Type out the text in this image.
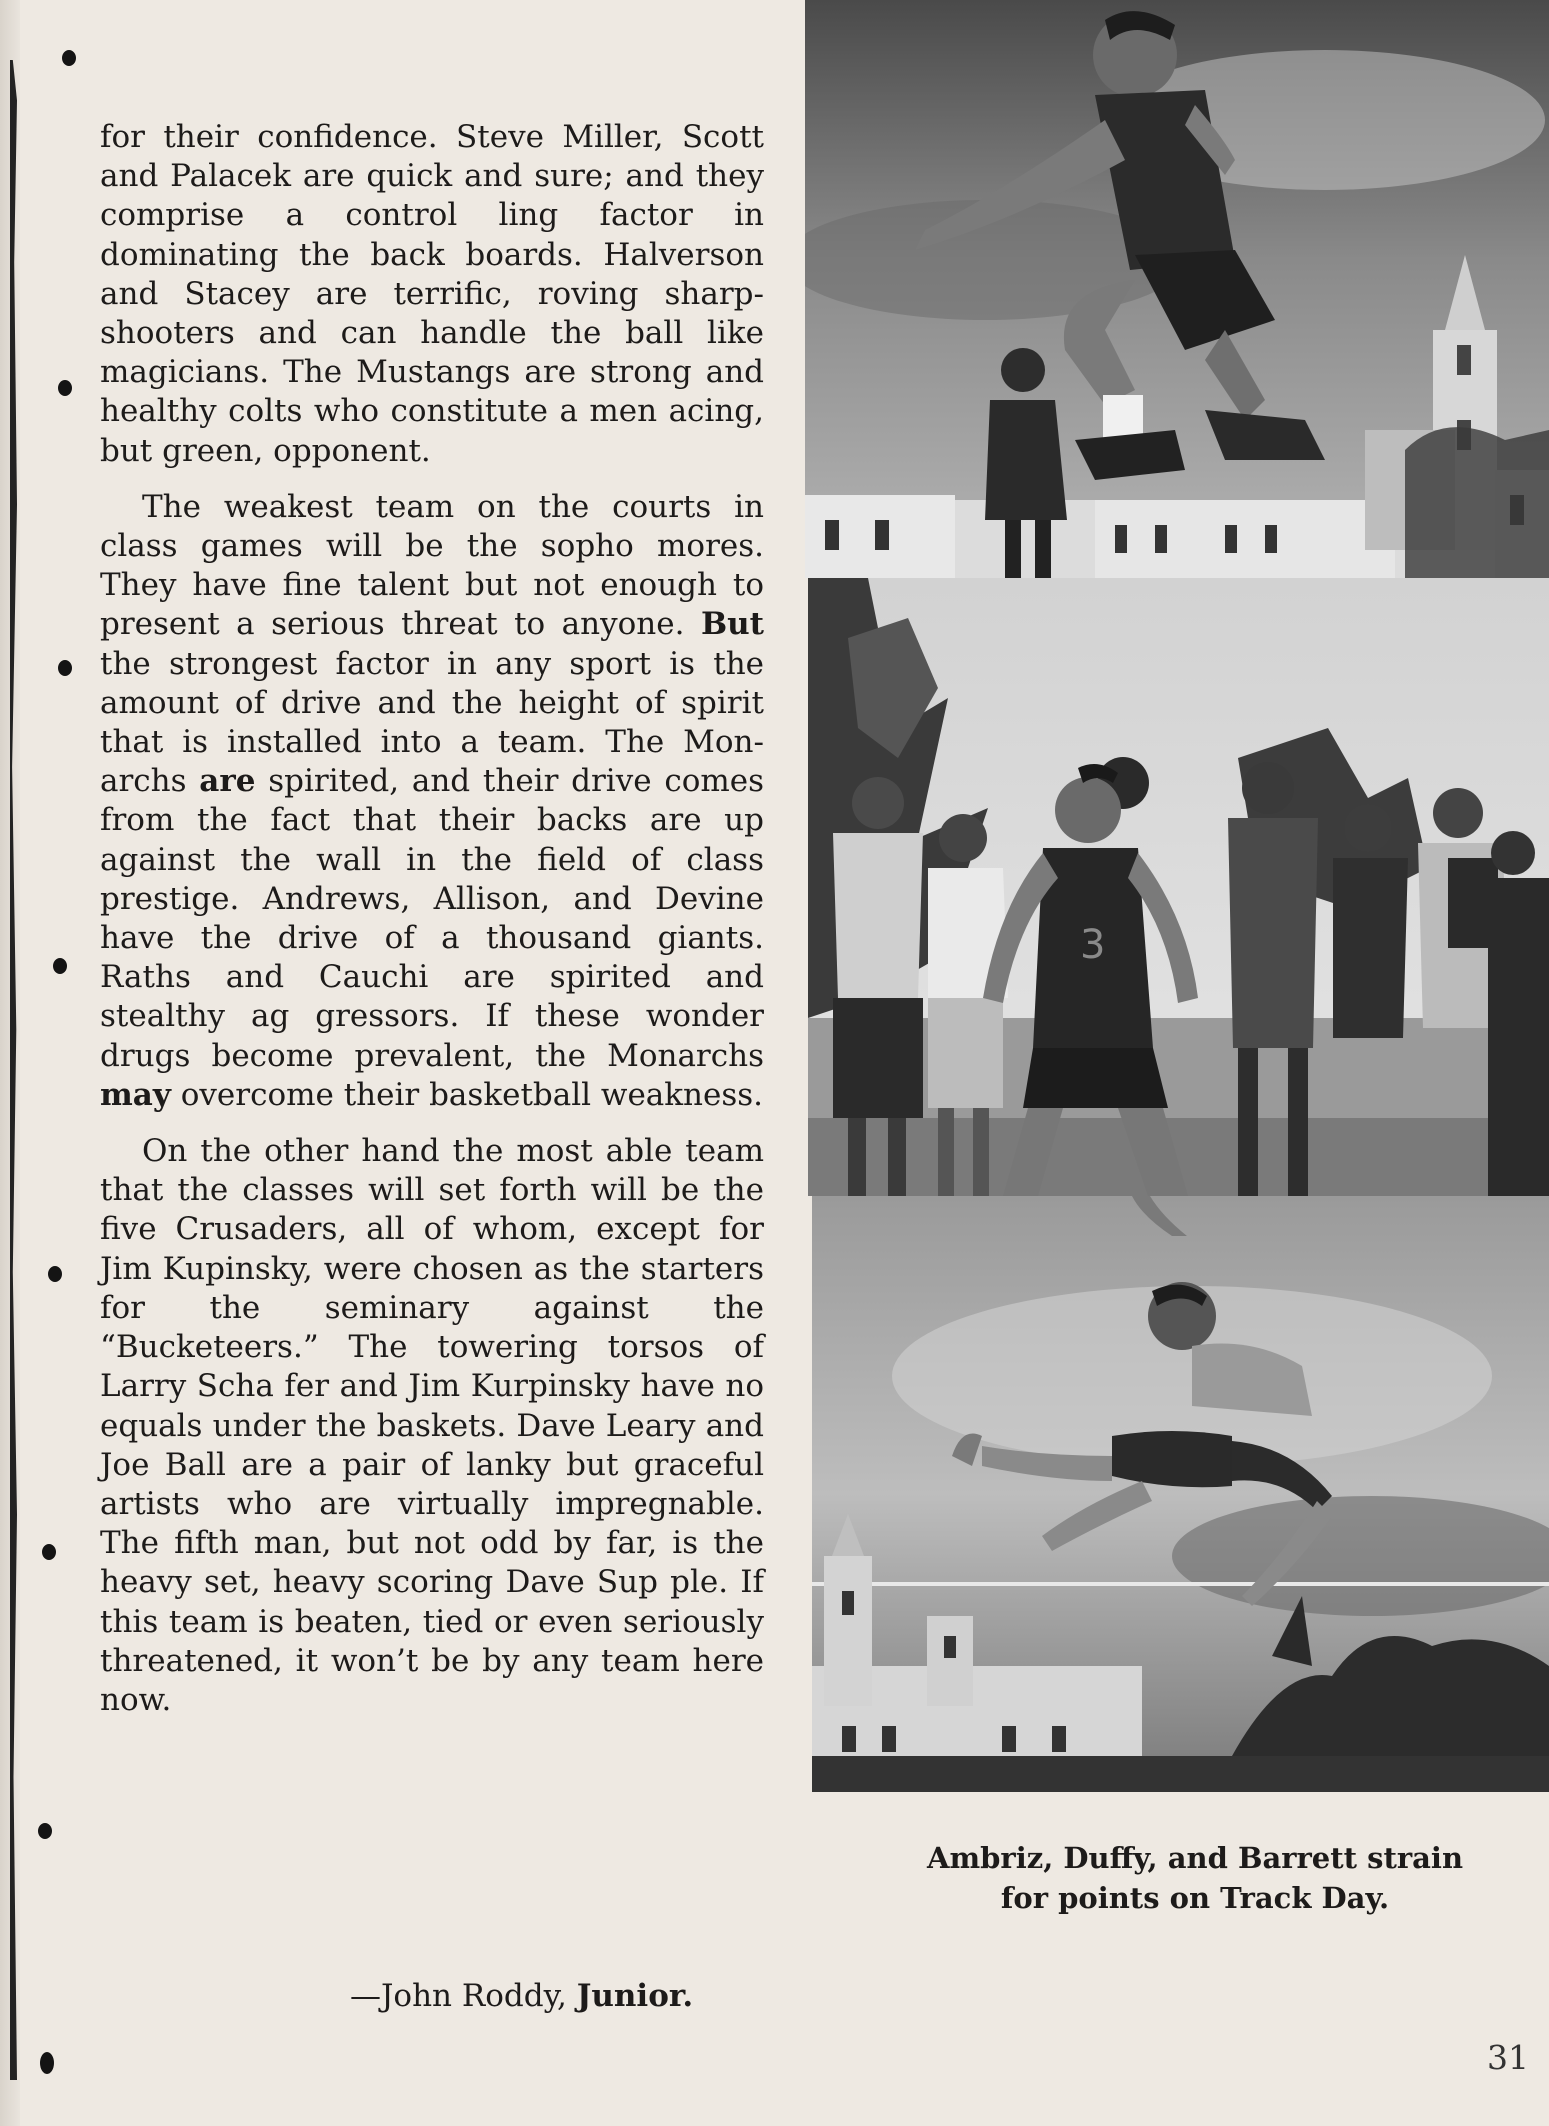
for their confidence. Steve Miller, Scott and Palacek are quick and sure; and they comprise a control ling factor in dominating the back boards. Halverson and Stacey are terrific, roving sharp-shooters and can handle the ball like magicians. The Mustangs are strong and healthy colts who constitute a men acing, but green, opponent.

The weakest team on the courts in class games will be the sopho mores. They have fine talent but not enough to present a serious threat to anyone. But the strongest factor in any sport is the amount of drive and the height of spirit that is installed into a team. The Mon archs are spirited, and their drive comes from the fact that their backs are up against the wall in the field of class prestige. Andrews, Allison, and Devine have the drive of a thousand giants. Raths and Cauchi are spirited and stealthy ag gressors. If these wonder drugs become prevalent, the Monarchs may overcome their basketball weakness.

On the other hand the most able team that the classes will set forth will be the five Crusaders, all of whom, except for Jim Kupinsky, were chosen as the starters for the seminary against the “Bucketeers.” The towering torsos of Larry Scha fer and Jim Kurpinsky have no equals under the baskets. Dave Leary and Joe Ball are a pair of lanky but graceful artists who are virtually impregnable. The fifth man, but not odd by far, is the heavy set, heavy scoring Dave Sup ple. If this team is beaten, tied or even seriously threatened, it won’t be by any team here now.

—John Roddy, Junior.
3
Ambriz, Duffy, and Barrett strain
for points on Track Day.
31
